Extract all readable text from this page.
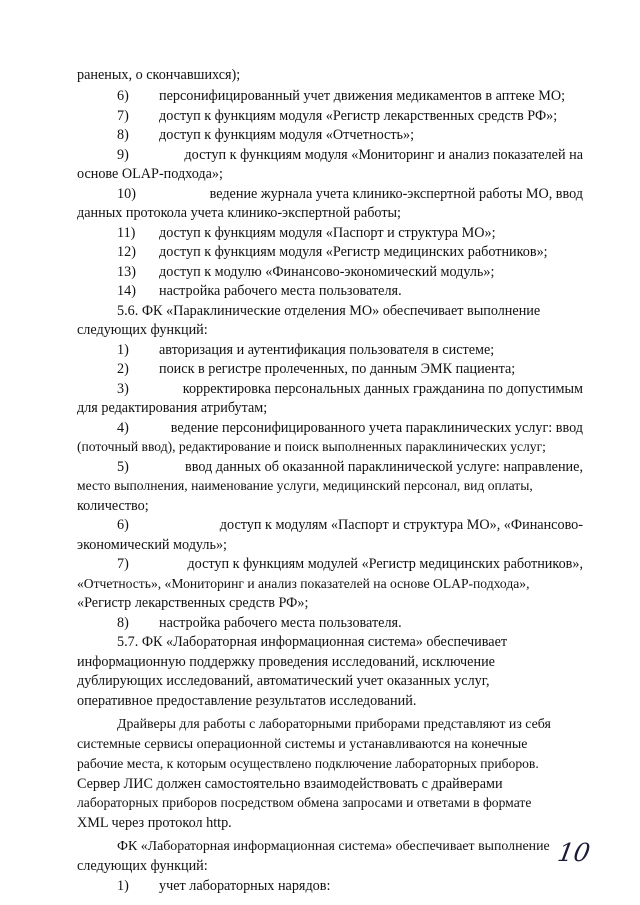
раненых, о скончавшихся);
6) персонифицированный учет движения медикаментов в аптеке МО;
7) доступ к функциям модуля «Регистр лекарственных средств РФ»;
8) доступ к функциям модуля «Отчетность»;
9)	доступ к функциям модуля «Мониторинг и анализ показателей на
основе OLAP-подхода»;
10)	ведение журнала учета клинико-экспертной работы МО, ввод
данных протокола учета клинико-экспертной работы;
11) доступ к функциям модуля «Паспорт и структура МО»;
12) доступ к функциям модуля «Регистр медицинских работников»;
13) доступ к модулю «Финансово-экономический модуль»;
14) настройка рабочего места пользователя.
5.6. ФК «Параклинические отделения МО» обеспечивает выполнение
следующих функций:
1) авторизация и аутентификация пользователя в системе;
2) поиск в регистре пролеченных, по данным ЭМК пациента;
3)	корректировка персональных данных гражданина по допустимым
для редактирования атрибутам;
4)	ведение персонифицированного учета параклинических услуг: ввод
(поточный ввод), редактирование и поиск выполненных параклинических услуг;
5)	ввод данных об оказанной параклинической услуге: направление,
место выполнения, наименование услуги, медицинский персонал, вид оплаты,
количество;
6)	доступ к модулям «Паспорт и структура МО», «Финансово-
экономический модуль»;
7)	доступ к функциям модулей «Регистр медицинских работников»,
«Отчетность», «Мониторинг и анализ показателей на основе OLAP-подхода»,
«Регистр лекарственных средств РФ»;
8) настройка рабочего места пользователя.
5.7. ФК «Лабораторная информационная система» обеспечивает
информационную поддержку проведения исследований, исключение
дублирующих исследований, автоматический учет оказанных услуг,
оперативное предоставление результатов исследований.
Драйверы для работы с лабораторными приборами представляют из себя
системные сервисы операционной системы и устанавливаются на конечные
рабочие места, к которым осуществлено подключение лабораторных приборов.
Сервер ЛИС должен самостоятельно взаимодействовать с драйверами
лабораторных приборов посредством обмена запросами и ответами в формате
XML через протокол http.
ФК «Лабораторная информационная система» обеспечивает выполнение
следующих функций:
1) учет лабораторных нарядов:
10
